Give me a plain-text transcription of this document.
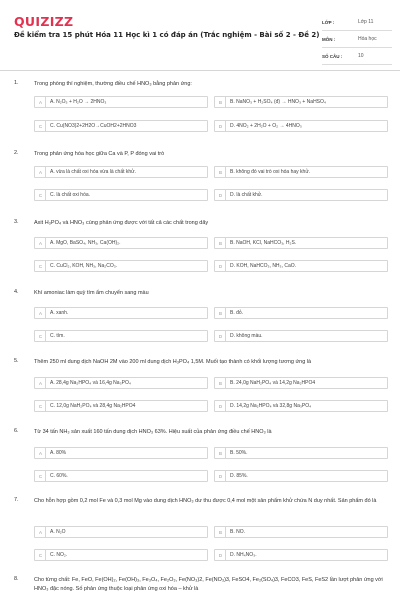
QUIZIZZ
Đề kiểm tra 15 phút Hóa 11 Học kì 1 có đáp án (Trắc nghiệm - Bài số 2 - Đề 2)
LỚP :	Lớp 11
MÔN :	Hóa học
SỐ CÂU :	10
1.	Trong phòng thí nghiệm, thường điều chế HNO₃ bằng phản ứng:
A	A. N₂O₅ + H₂O → 2HNO₃	B	B. NaNO₃ + H₂SO₄ (đ) → HNO₃ + NaHSO₄
C	C. Cu(NO3)2+2H2O→CuOH2+2HNO3	D	D. 4NO₂ + 2H₂O + O₂ → 4HNO₃
2.	Trong phản ứng hóa học giữa Ca và P, P đóng vai trò
A	A. vừa là chất oxi hóa vừa là chất khử.	B	B. không đó vai trò oxi hóa hay khử.
C	C. là chất oxi hóa.	D	D. là chất khử.
3.	Axit H₃PO₄ và HNO₃ cùng phản ứng được với tất cả các chất trong dãy
A	A. MgO, BaSO₄, NH₃, Ca(OH)₂.	B	B. NaOH, KCl, NaHCO₃, H₂S.
C	C. CuCl₂, KOH, NH₃, Na₂CO₃.	D	D. KOH, NaHCO₃, NH₃, CaO.
4.	Khí amoniac làm quỳ tím ẩm chuyển sang màu
A	A. xanh.	B	B. đỏ.
C	C. tím.	D	D. không màu.
5.	Thêm 250 ml dung dịch NaOH 2M vào 200 ml dung dịch H₃PO₄ 1,5M. Muối tạo thành có khối lượng tương ứng là
A	A. 28,4g Na₂HPO₄ và 16,4g Na₃PO₄	B	B. 24,0g NaH₂PO₄ và 14,2g Na₂HPO4
C	C. 12,0g NaH₂PO₄ và 28,4g Na₂HPO4	D	D. 14,2g Na₂HPO₄ và 32,8g Na₃PO₄
6.	Từ 34 tấn NH₃ sản xuất 160 tấn dung dịch HNO₃ 63%. Hiệu suất của phản ứng điều chế HNO₃ là
A	A. 80%	B	B. 50%.
C	C. 60%.	D	D. 85%.
7.	Cho hỗn hợp gồm 0,2 mol Fe và 0,3 mol Mg vào dung dịch HNO₃ dư thu được 0,4 mol một sản phẩm khử chứa N duy nhất. Sản phẩm đó là
A	A. N₂O	B	B. NO.
C	C. NO₂.	D	D. NH₄NO₃.
8.	Cho từng chất: Fe, FeO, Fe(OH)₂, Fe(OH)₃, Fe₃O₄, Fe₂O₃, Fe(NO₃)2, Fe(NO₃)3, FeSO4, Fe₂(SO₄)3, FeCO3, FeS, FeS2 lần lượt phản ứng với HNO₃ đặc nóng. Số phản ứng thuộc loại phản ứng oxi hóa – khử là
